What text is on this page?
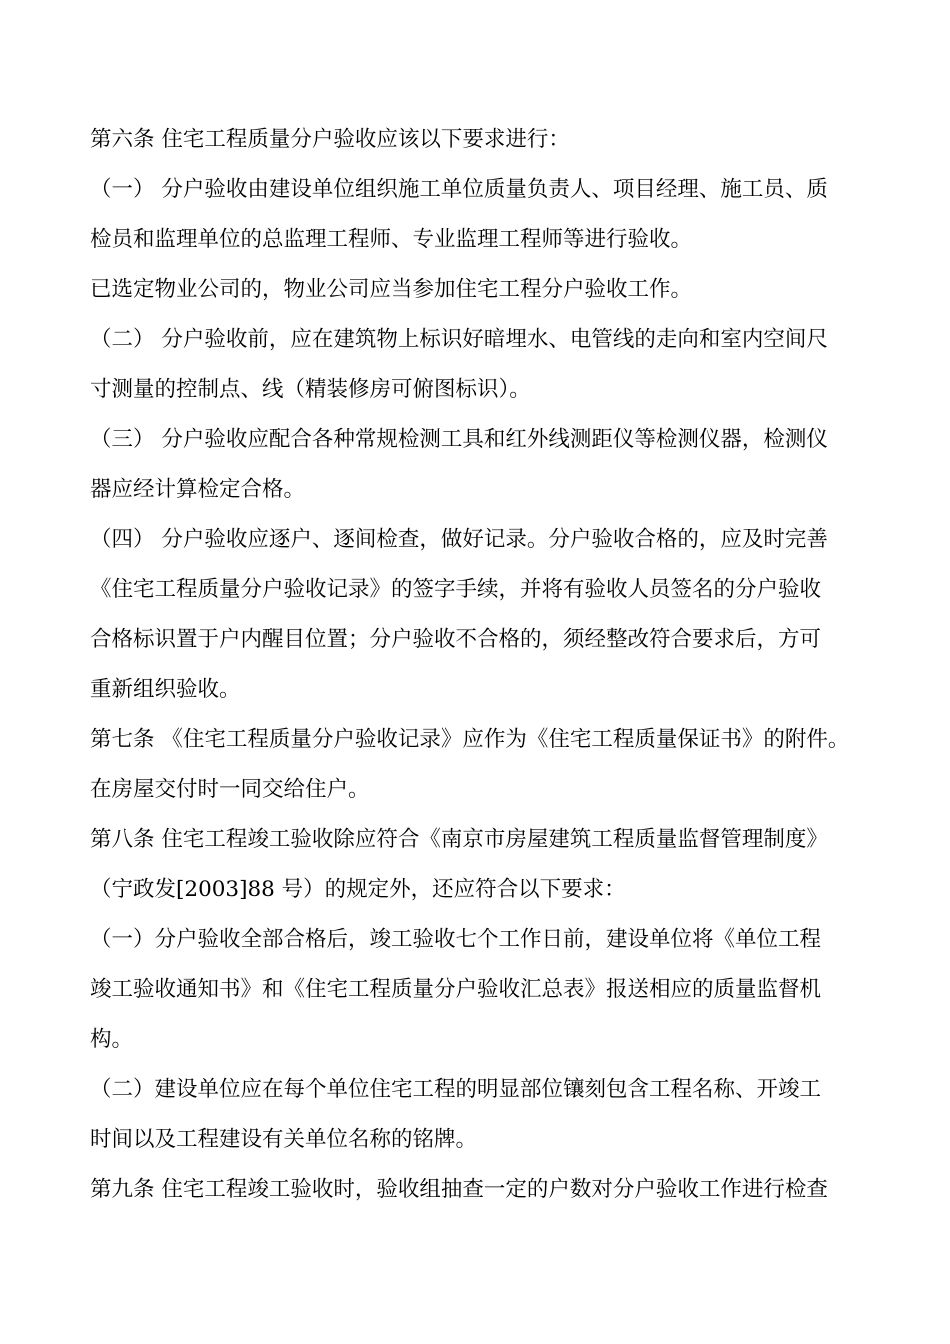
第六条 住宅工程质量分户验收应该以下要求进行：
（一） 分户验收由建设单位组织施工单位质量负责人、项目经理、施工员、质
检员和监理单位的总监理工程师、专业监理工程师等进行验收。
已选定物业公司的，物业公司应当参加住宅工程分户验收工作。
（二） 分户验收前，应在建筑物上标识好暗埋水、电管线的走向和室内空间尺
寸测量的控制点、线（精装修房可俯图标识）。
（三） 分户验收应配合各种常规检测工具和红外线测距仪等检测仪器，检测仪
器应经计算检定合格。
（四） 分户验收应逐户、逐间检查，做好记录。分户验收合格的，应及时完善
《住宅工程质量分户验收记录》的签字手续，并将有验收人员签名的分户验收
合格标识置于户内醒目位置；分户验收不合格的，须经整改符合要求后，方可
重新组织验收。
第七条 《住宅工程质量分户验收记录》应作为《住宅工程质量保证书》的附件。
在房屋交付时一同交给住户。
第八条 住宅工程竣工验收除应符合《南京市房屋建筑工程质量监督管理制度》
（宁政发[2003]88 号）的规定外，还应符合以下要求：
（一）分户验收全部合格后，竣工验收七个工作日前，建设单位将《单位工程
竣工验收通知书》和《住宅工程质量分户验收汇总表》报送相应的质量监督机
构。
（二）建设单位应在每个单位住宅工程的明显部位镶刻包含工程名称、开竣工
时间以及工程建设有关单位名称的铭牌。
第九条 住宅工程竣工验收时，验收组抽查一定的户数对分户验收工作进行检查
